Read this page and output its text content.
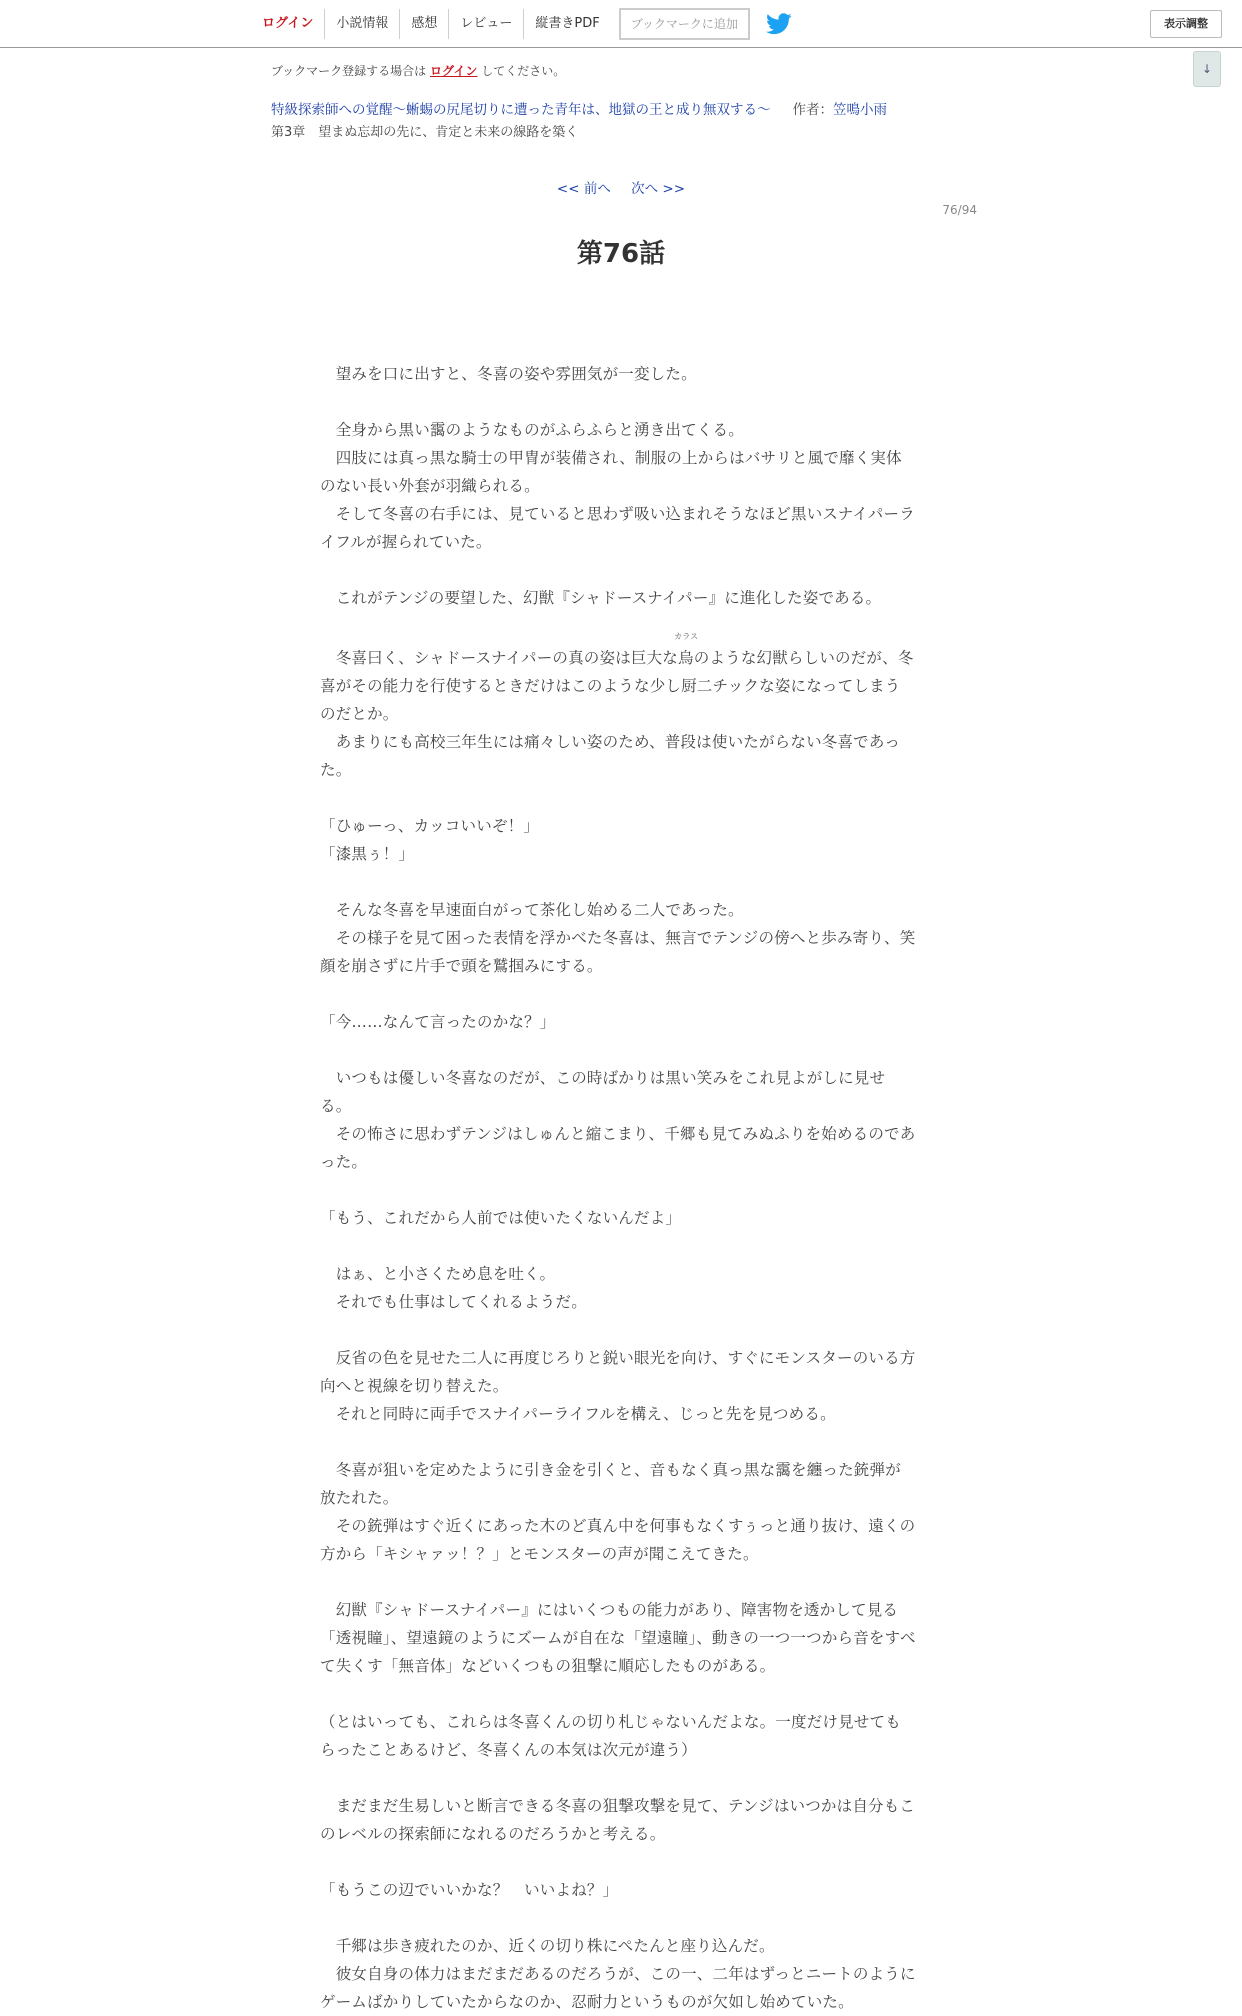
ログイン	小説情報	感想	レビュー	縦書きPDF	ブックマークに追加	表示調整
↓
ブックマーク登録する場合は ログイン してください。
特級探索師への覚醒～蜥蜴の尻尾切りに遭った青年は、地獄の王と成り無双する～ 作者：笠鳴小雨
第3章　望まぬ忘却の先に、肯定と未来の線路を築く
<< 前へ 次へ >>
76/94
第76話

　望みを口に出すと、冬喜の姿や雰囲気が一変した。

　全身から黒い靄のようなものがふらふらと湧き出てくる。
　四肢には真っ黒な騎士の甲冑が装備され、制服の上からはバサリと風で靡く実体のない長い外套が羽織られる。
　そして冬喜の右手には、見ていると思わず吸い込まれそうなほど黒いスナイパーライフルが握られていた。

　これがテンジの要望した、幻獣『シャドースナイパー』に進化した姿である。

　冬喜曰く、シャドースナイパーの真の姿は巨大な
カラス
烏のような幻獣らしいのだが、冬喜がその能力を行使するときだけはこのような少し厨二チックな姿になってしまうのだとか。
　あまりにも高校三年生には痛々しい姿のため、普段は使いたがらない冬喜であった。

「ひゅーっ、カッコいいぞ！」
「漆黒ぅ！」

　そんな冬喜を早速面白がって茶化し始める二人であった。
　その様子を見て困った表情を浮かべた冬喜は、無言でテンジの傍へと歩み寄り、笑顔を崩さずに片手で頭を鷲掴みにする。

「今……なんて言ったのかな？」

　いつもは優しい冬喜なのだが、この時ばかりは黒い笑みをこれ見よがしに見せる。
　その怖さに思わずテンジはしゅんと縮こまり、千郷も見てみぬふりを始めるのであった。

「もう、これだから人前では使いたくないんだよ」

　はぁ、と小さくため息を吐く。
　それでも仕事はしてくれるようだ。

　反省の色を見せた二人に再度じろりと鋭い眼光を向け、すぐにモンスターのいる方向へと視線を切り替えた。
　それと同時に両手でスナイパーライフルを構え、じっと先を見つめる。

　冬喜が狙いを定めたように引き金を引くと、音もなく真っ黒な靄を纏った銃弾が放たれた。
　その銃弾はすぐ近くにあった木のど真ん中を何事もなくすぅっと通り抜け、遠くの方から「キシャァッ！？」とモンスターの声が聞こえてきた。

　幻獣『シャドースナイパー』にはいくつもの能力があり、障害物を透かして見る「透視瞳」、望遠鏡のようにズームが自在な「望遠瞳」、動きの一つ一つから音をすべて失くす「無音体」などいくつもの狙撃に順応したものがある。

（とはいっても、これらは冬喜くんの切り札じゃないんだよな。一度だけ見せてもらったことあるけど、冬喜くんの本気は次元が違う）

　まだまだ生易しいと断言できる冬喜の狙撃攻撃を見て、テンジはいつかは自分もこのレベルの探索師になれるのだろうかと考える。

「もうこの辺でいいかな？　いいよね？」

　千郷は歩き疲れたのか、近くの切り株にぺたんと座り込んだ。
　彼女自身の体力はまだまだあるのだろうが、この一、二年はずっとニートのようにゲームばかりしていたからなのか、忍耐力というものが欠如し始めていた。
